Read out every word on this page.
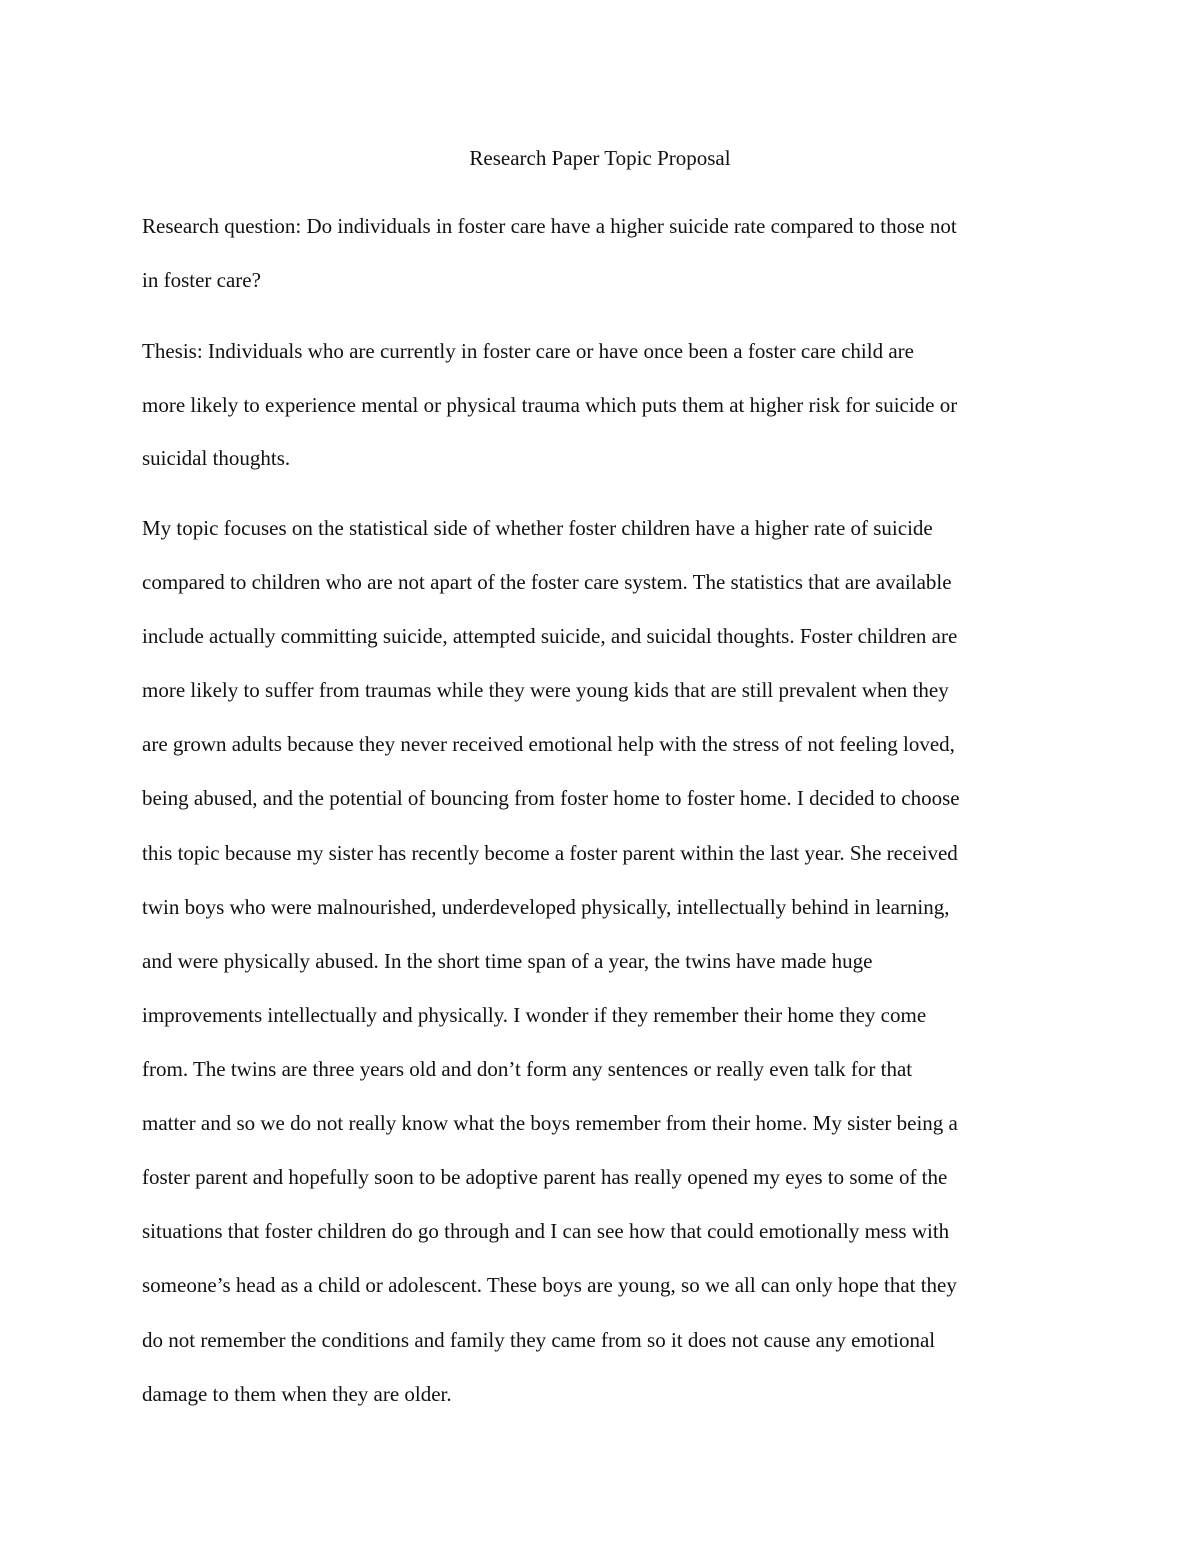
Research Paper Topic Proposal
Research question: Do individuals in foster care have a higher suicide rate compared to those not
in foster care?
Thesis: Individuals who are currently in foster care or have once been a foster care child are
more likely to experience mental or physical trauma which puts them at higher risk for suicide or
suicidal thoughts.
My topic focuses on the statistical side of whether foster children have a higher rate of suicide
compared to children who are not apart of the foster care system. The statistics that are available
include actually committing suicide, attempted suicide, and suicidal thoughts. Foster children are
more likely to suffer from traumas while they were young kids that are still prevalent when they
are grown adults because they never received emotional help with the stress of not feeling loved,
being abused, and the potential of bouncing from foster home to foster home. I decided to choose
this topic because my sister has recently become a foster parent within the last year. She received
twin boys who were malnourished, underdeveloped physically, intellectually behind in learning,
and were physically abused. In the short time span of a year, the twins have made huge
improvements intellectually and physically. I wonder if they remember their home they come
from. The twins are three years old and don’t form any sentences or really even talk for that
matter and so we do not really know what the boys remember from their home. My sister being a
foster parent and hopefully soon to be adoptive parent has really opened my eyes to some of the
situations that foster children do go through and I can see how that could emotionally mess with
someone’s head as a child or adolescent. These boys are young, so we all can only hope that they
do not remember the conditions and family they came from so it does not cause any emotional
damage to them when they are older.
